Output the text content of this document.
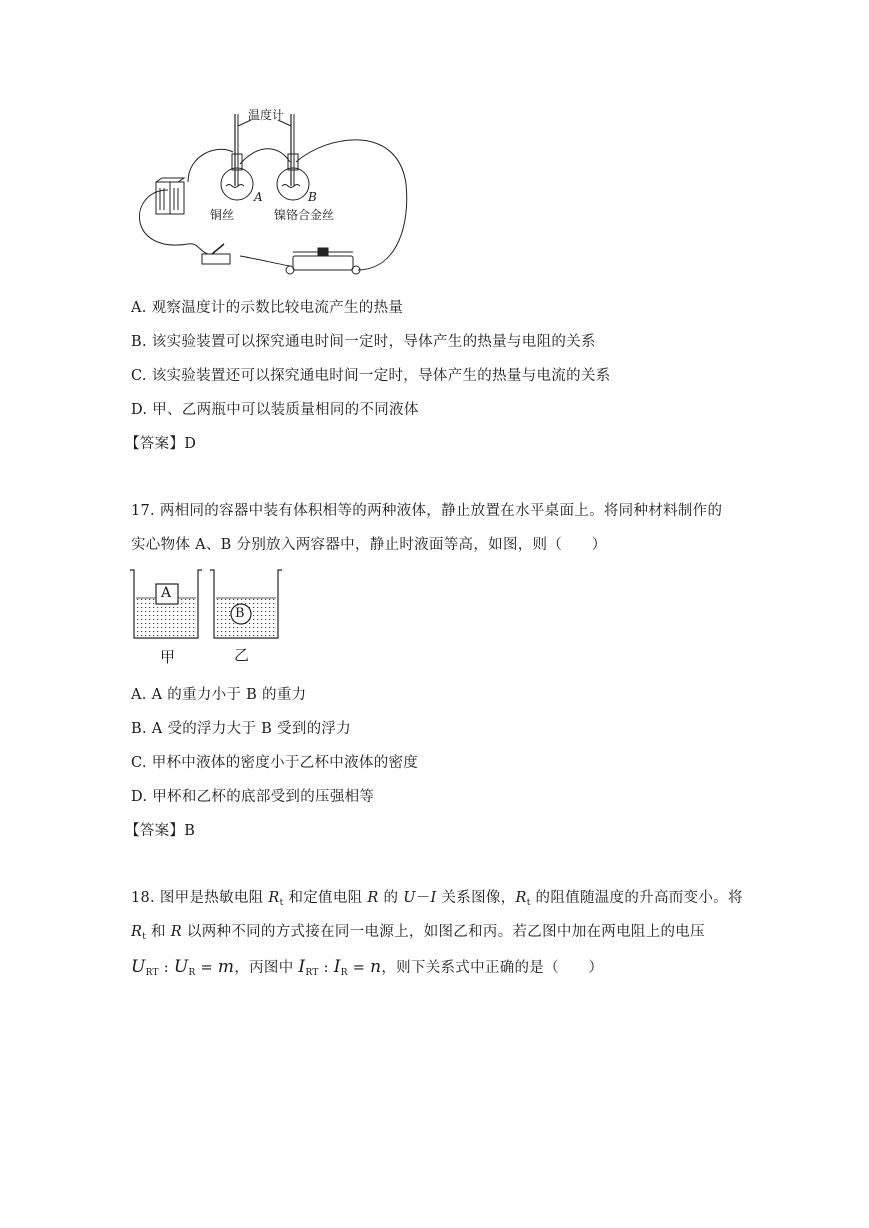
温度计
A	B
铜丝	镍铬合金丝
A. 观察温度计的示数比较电流产生的热量
B. 该实验装置可以探究通电时间一定时，导体产生的热量与电阻的关系
C. 该实验装置还可以探究通电时间一定时，导体产生的热量与电流的关系
D. 甲、乙两瓶中可以装质量相同的不同液体
【答案】D
17. 两相同的容器中装有体积相等的两种液体，静止放置在水平桌面上。将同种材料制作的
实心物体 A、B 分别放入两容器中，静止时液面等高，如图，则（　　）
A
B
甲	乙
A. A 的重力小于 B 的重力
B. A 受的浮力大于 B 受到的浮力
C. 甲杯中液体的密度小于乙杯中液体的密度
D. 甲杯和乙杯的底部受到的压强相等
【答案】B
18. 图甲是热敏电阻 $R_t$ 和定值电阻 R 的 U－I 关系图像，$R_t$ 的阻值随温度的升高而变小。将
$R_t$ 和 R 以两种不同的方式接在同一电源上，如图乙和丙。若乙图中加在两电阻上的电压
$U_{RT}$ : $U_R = m$，丙图中 $I_{RT}$ : $I_R = n$，则下关系式中正确的是（　　）
